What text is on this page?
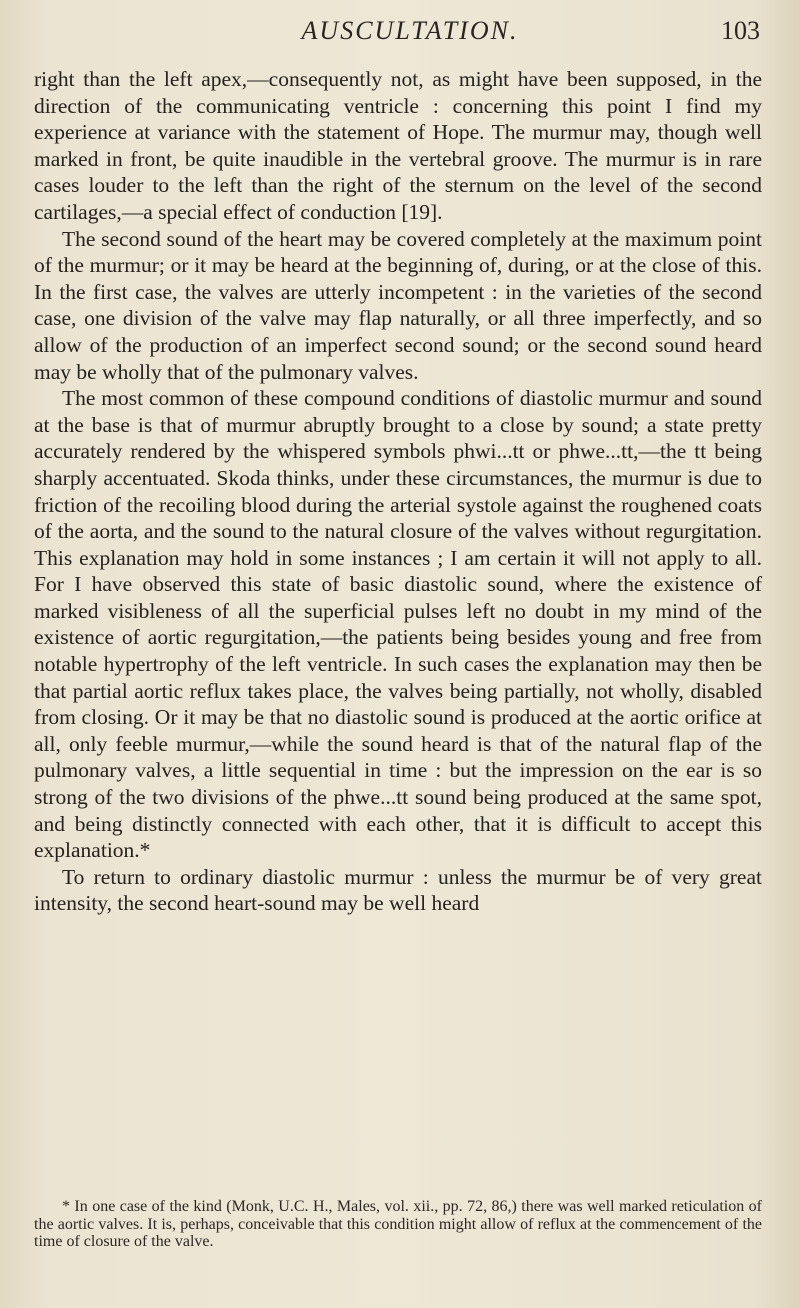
AUSCULTATION.	103

right than the left apex,—consequently not, as might have been supposed, in the direction of the communicating ventricle : concerning this point I find my experience at variance with the statement of Hope. The murmur may, though well marked in front, be quite inaudible in the vertebral groove. The murmur is in rare cases louder to the left than the right of the sternum on the level of the second cartilages,—a special effect of conduction [19].

The second sound of the heart may be covered completely at the maximum point of the murmur; or it may be heard at the beginning of, during, or at the close of this. In the first case, the valves are utterly incompetent : in the varieties of the second case, one division of the valve may flap naturally, or all three imperfectly, and so allow of the production of an imperfect second sound; or the second sound heard may be wholly that of the pulmonary valves.

The most common of these compound conditions of diastolic murmur and sound at the base is that of murmur abruptly brought to a close by sound; a state pretty accurately rendered by the whispered symbols phwi...tt or phwe...tt,—the tt being sharply accentuated. Skoda thinks, under these circumstances, the murmur is due to friction of the recoiling blood during the arterial systole against the roughened coats of the aorta, and the sound to the natural closure of the valves without regurgitation. This explanation may hold in some instances ; I am certain it will not apply to all. For I have observed this state of basic diastolic sound, where the existence of marked visibleness of all the superficial pulses left no doubt in my mind of the existence of aortic regurgitation,—the patients being besides young and free from notable hypertrophy of the left ventricle. In such cases the explanation may then be that partial aortic reflux takes place, the valves being partially, not wholly, disabled from closing. Or it may be that no diastolic sound is produced at the aortic orifice at all, only feeble murmur,—while the sound heard is that of the natural flap of the pulmonary valves, a little sequential in time : but the impression on the ear is so strong of the two divisions of the phwe...tt sound being produced at the same spot, and being distinctly connected with each other, that it is difficult to accept this explanation.*

To return to ordinary diastolic murmur : unless the murmur be of very great intensity, the second heart-sound may be well heard

* In one case of the kind (Monk, U.C. H., Males, vol. xii., pp. 72, 86,) there was well marked reticulation of the aortic valves. It is, perhaps, conceivable that this condition might allow of reflux at the commencement of the time of closure of the valve.
